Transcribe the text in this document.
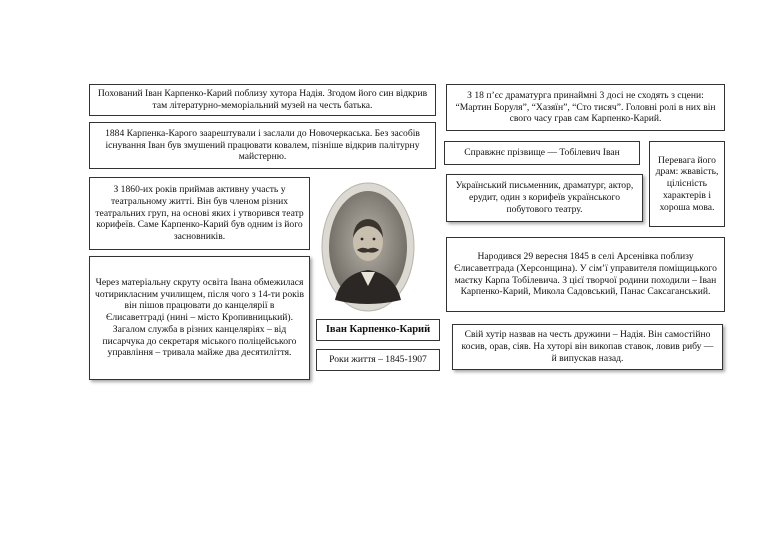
Похований Іван Карпенко-Карий поблизу хутора Надія. Згодом його син відкрив там літературно-меморіальний музей на честь батька.
1884 Карпенка-Карого заарештували і заслали до Новочеркаська. Без засобів існування Іван був змушений працювати ковалем, пізніше відкрив палітурну майстерню.
З 1860-их років приймав активну участь у театральному житті. Він був членом різних театральних груп, на основі яких і утворився театр корифеїв. Саме Карпенко-Карий був одним із його засновників.
Через матеріальну скруту освіта Івана обмежилася чотирикласним училищем, після чого з 14-ти років він пішов працювати до канцелярії в Єлисаветграді (нині – місто Кропивницький). Загалом служба в різних канцеляріях – від писарчука до секретаря міського поліцейського управління – тривала майже два десятиліття.
Іван Карпенко-Карий
Роки життя – 1845-1907
З 18 п’єс драматурга принаймні 3 досі не сходять з сцени: “Мартин Боруля”, “Хазяїн”, “Сто тисяч”. Головні ролі в них він свого часу грав сам Карпенко-Карий.
Справжнє прізвище — Тобілевич Іван
Перевага його драм: жвавість, цілісність характерів і хороша мова.
Український письменник, драматург, актор, ерудит, один з корифеїв українського побутового театру.
Народився 29 вересня 1845 в селі Арсенівка поблизу Єлисаветграда (Херсонщина). У сім’ї управителя поміщицького маєтку Карпа Тобілевича. З цієї творчої родини походили – Іван Карпенко-Карий, Микола Садовський, Панас Саксаганський.
Свій хутір назвав на честь дружини – Надія. Він самостійно косив, орав, сіяв. На хуторі він викопав ставок, ловив рибу — й випускав назад.
